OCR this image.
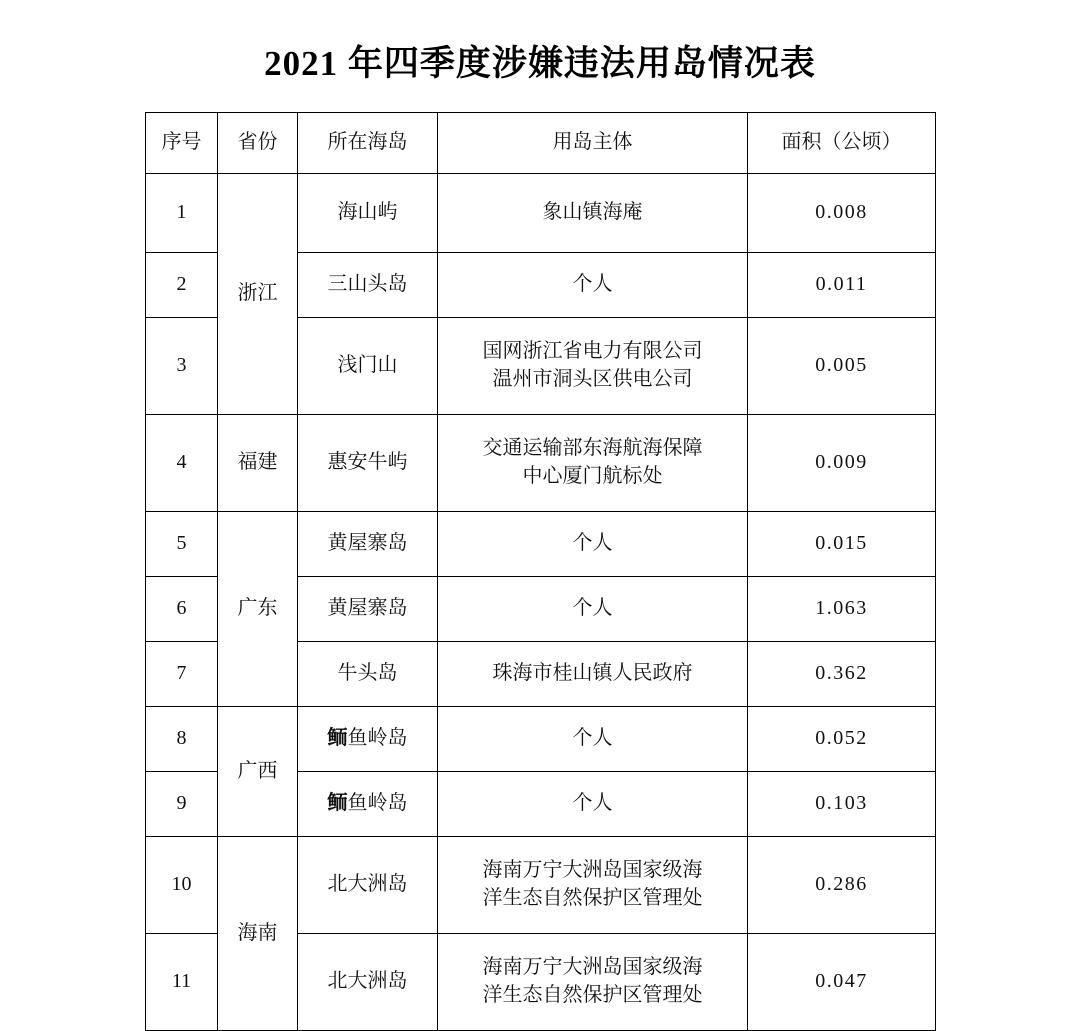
2021 年四季度涉嫌违法用岛情况表
序号	省份	所在海岛	用岛主体	面积（公顷）
1	浙江	海山屿	象山镇海庵	0.008
2		三山头岛	个人	0.011
3		浅门山	国网浙江省电力有限公司
温州市洞头区供电公司	0.005
4	福建	惠安牛屿	交通运输部东海航海保障
中心厦门航标处	0.009
5	广东	黄屋寨岛	个人	0.015
6		黄屋寨岛	个人	1.063
7		牛头岛	珠海市桂山镇人民政府	0.362
8	广西	鲕鱼岭岛	个人	0.052
9		鲕鱼岭岛	个人	0.103
10	海南	北大洲岛	海南万宁大洲岛国家级海
洋生态自然保护区管理处	0.286
11		北大洲岛	海南万宁大洲岛国家级海
洋生态自然保护区管理处	0.047
